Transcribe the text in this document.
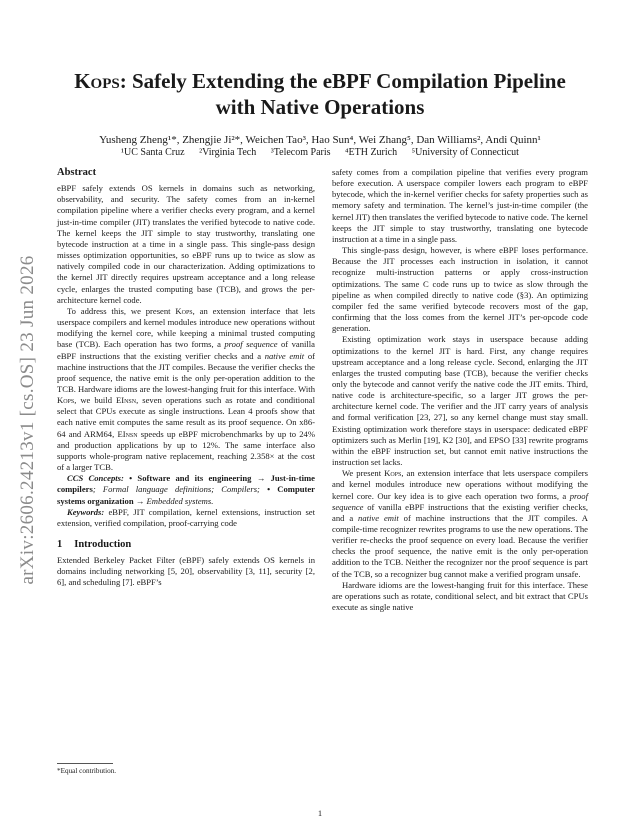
arXiv:2606.24213v1 [cs.OS] 23 Jun 2026
Kops: Safely Extending the eBPF Compilation Pipeline
with Native Operations
Yusheng Zheng¹*, Zhengjie Ji²*, Weichen Tao³, Hao Sun⁴, Wei Zhang⁵, Dan Williams², Andi Quinn¹
¹UC Santa Cruz ²Virginia Tech ³Telecom Paris ⁴ETH Zurich ⁵University of Connecticut
Abstract

eBPF safely extends OS kernels in domains such as networking, observability, and security. The safety comes from an in-kernel compilation pipeline where a verifier checks every program, and a kernel just-in-time compiler (JIT) translates the verified bytecode to native code. The kernel keeps the JIT simple to stay trustworthy, translating one bytecode instruction at a time in a single pass. This single-pass design misses optimization opportunities, so eBPF runs up to twice as slow as natively compiled code in our characterization. Adding optimizations to the kernel JIT directly requires upstream acceptance and a long release cycle, enlarges the trusted computing base (TCB), and grows the per-architecture kernel code.

To address this, we present Kops, an extension interface that lets userspace compilers and kernel modules introduce new operations without modifying the kernel core, while keeping a minimal trusted computing base (TCB). Each operation has two forms, a proof sequence of vanilla eBPF instructions that the existing verifier checks and a native emit of machine instructions that the JIT compiles. Because the verifier checks the proof sequence, the native emit is the only per-operation addition to the TCB. Hardware idioms are the lowest-hanging fruit for this interface. With Kops, we build EInsn, seven operations such as rotate and conditional select that CPUs execute as single instructions. Lean 4 proofs show that each native emit computes the same result as its proof sequence. On x86-64 and ARM64, EInsn speeds up eBPF microbenchmarks by up to 24% and production applications by up to 12%. The same interface also supports whole-program native replacement, reaching 2.358× at the cost of a larger TCB.

CCS Concepts: • Software and its engineering → Just-in-time compilers; Formal language definitions; Compilers; • Computer systems organization → Embedded systems.

Keywords: eBPF, JIT compilation, kernel extensions, instruction set extension, verified compilation, proof-carrying code

1 Introduction

Extended Berkeley Packet Filter (eBPF) safely extends OS kernels in domains including networking [5, 20], observability [3, 11], security [2, 6], and scheduling [7]. eBPF’s

*Equal contribution.

safety comes from a compilation pipeline that verifies every program before execution. A userspace compiler lowers each program to eBPF bytecode, which the in-kernel verifier checks for safety properties such as memory safety and termination. The kernel’s just-in-time compiler (the kernel JIT) then translates the verified bytecode to native code. The kernel keeps the JIT simple to stay trustworthy, translating one bytecode instruction at a time in a single pass.

This single-pass design, however, is where eBPF loses performance. Because the JIT processes each instruction in isolation, it cannot recognize multi-instruction patterns or apply cross-instruction optimizations. The same C code runs up to twice as slow through the pipeline as when compiled directly to native code (§3). An optimizing compiler fed the same verified bytecode recovers most of the gap, confirming that the loss comes from the kernel JIT’s per-opcode code generation.

Existing optimization work stays in userspace because adding optimizations to the kernel JIT is hard. First, any change requires upstream acceptance and a long release cycle. Second, enlarging the JIT enlarges the trusted computing base (TCB), because the verifier checks only the bytecode and cannot verify the native code the JIT emits. Third, native code is architecture-specific, so a larger JIT grows the per-architecture kernel code. The verifier and the JIT carry years of analysis and formal verification [23, 27], so any kernel change must stay small. Existing optimization work therefore stays in userspace: dedicated eBPF optimizers such as Merlin [19], K2 [30], and EPSO [33] rewrite programs within the eBPF instruction set, but cannot emit native instructions the instruction set lacks.

We present Kops, an extension interface that lets userspace compilers and kernel modules introduce new operations without modifying the kernel core. Our key idea is to give each operation two forms, a proof sequence of vanilla eBPF instructions that the existing verifier checks, and a native emit of machine instructions that the JIT compiles. A compile-time recognizer rewrites programs to use the new operations. The verifier re-checks the proof sequence on every load. Because the verifier checks the proof sequence, the native emit is the only per-operation addition to the TCB. Neither the recognizer nor the proof sequence is part of the TCB, so a recognizer bug cannot make a verified program unsafe.

Hardware idioms are the lowest-hanging fruit for this interface. These are operations such as rotate, conditional select, and bit extract that CPUs execute as single native

1
